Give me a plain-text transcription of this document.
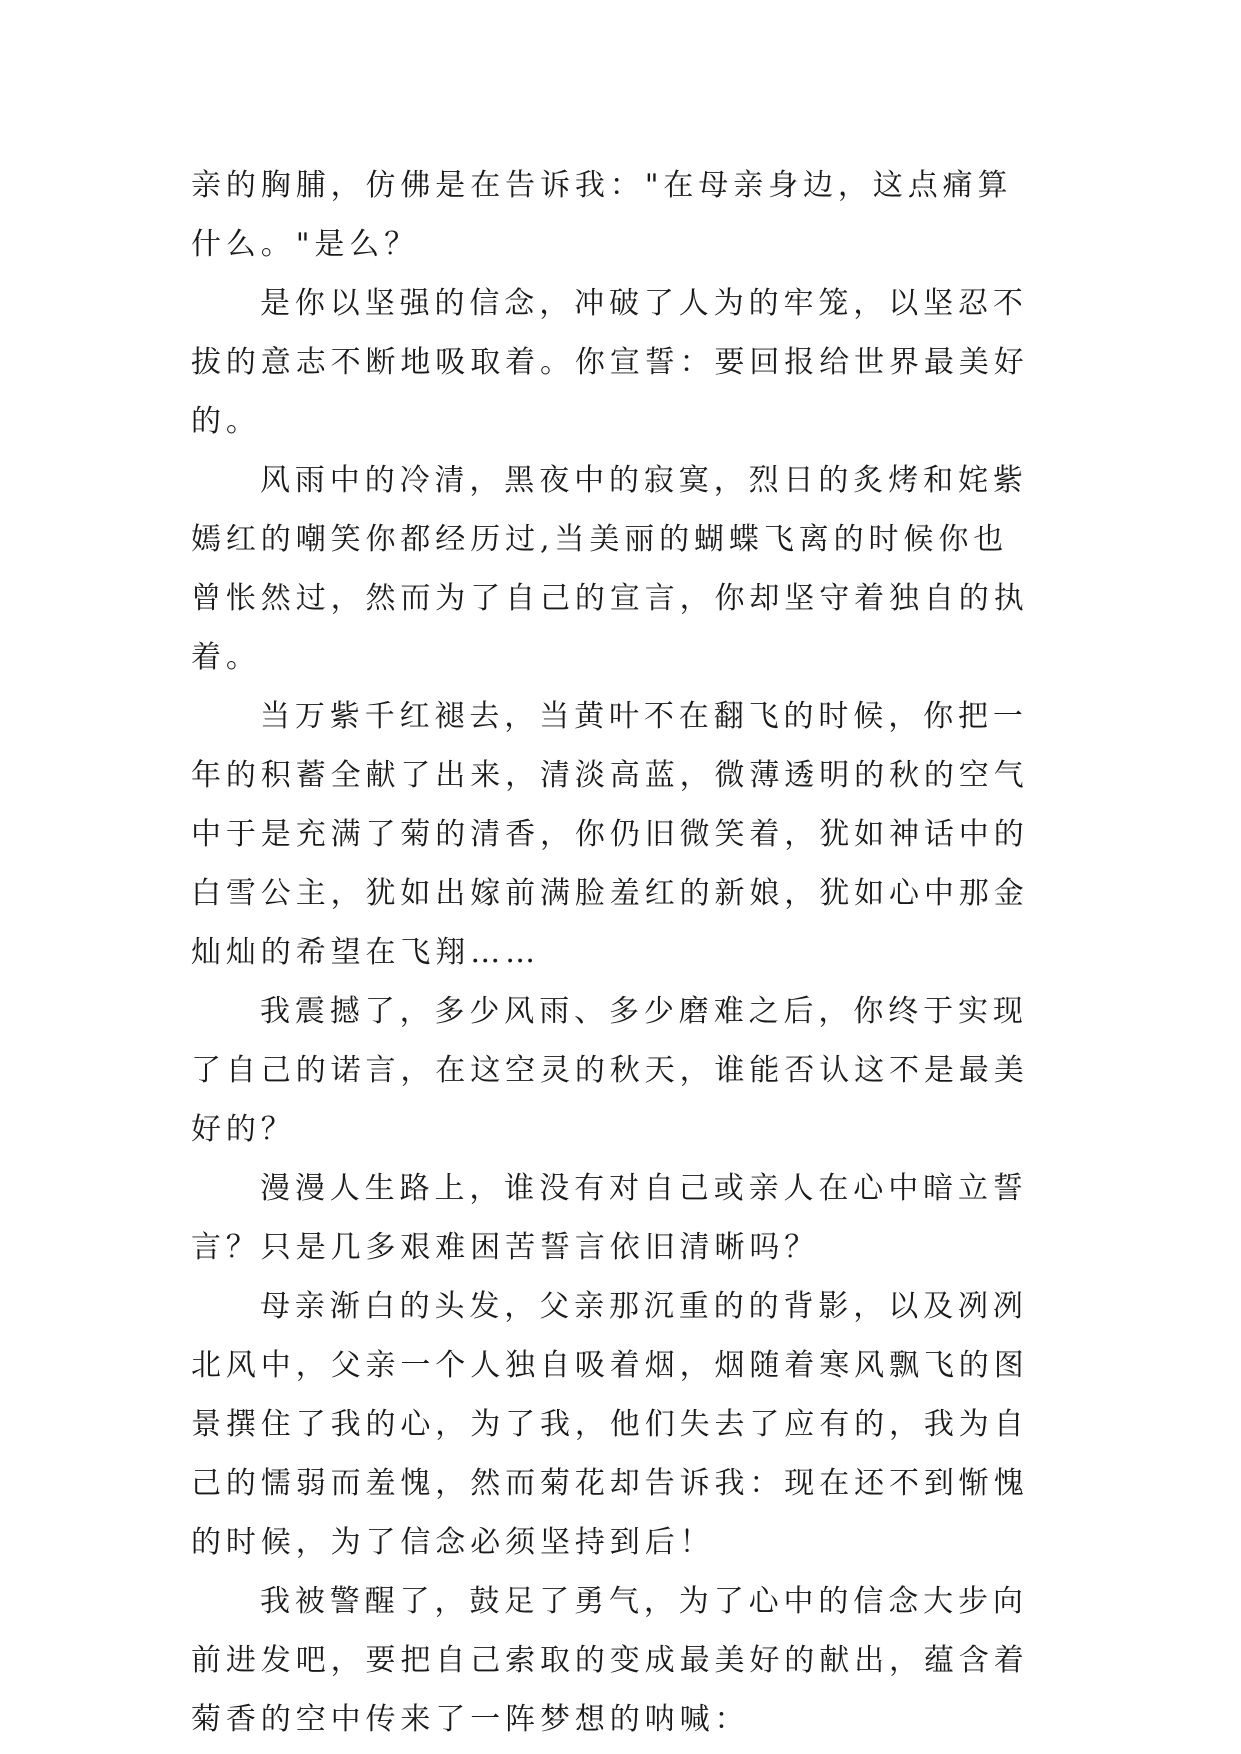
亲的胸脯，仿佛是在告诉我："在母亲身边，这点痛算什么。"是么？

是你以坚强的信念，冲破了人为的牢笼，以坚忍不拔的意志不断地吸取着。你宣誓：要回报给世界最美好的。

风雨中的冷清，黑夜中的寂寞，烈日的炙烤和姹紫嫣红的嘲笑你都经历过,当美丽的蝴蝶飞离的时候你也曾怅然过，然而为了自己的宣言，你却坚守着独自的执着。

当万紫千红褪去，当黄叶不在翻飞的时候，你把一年的积蓄全献了出来，清淡高蓝，微薄透明的秋的空气中于是充满了菊的清香，你仍旧微笑着，犹如神话中的白雪公主，犹如出嫁前满脸羞红的新娘，犹如心中那金灿灿的希望在飞翔……

我震撼了，多少风雨、多少磨难之后，你终于实现了自己的诺言，在这空灵的秋天，谁能否认这不是最美好的？

漫漫人生路上，谁没有对自己或亲人在心中暗立誓言？只是几多艰难困苦誓言依旧清晰吗？

母亲渐白的头发，父亲那沉重的的背影，以及冽冽北风中，父亲一个人独自吸着烟，烟随着寒风飘飞的图景撰住了我的心，为了我，他们失去了应有的，我为自己的懦弱而羞愧，然而菊花却告诉我：现在还不到惭愧的时候，为了信念必须坚持到后！

我被警醒了，鼓足了勇气，为了心中的信念大步向前进发吧，要把自己索取的变成最美好的献出，蕴含着菊香的空中传来了一阵梦想的呐喊：
